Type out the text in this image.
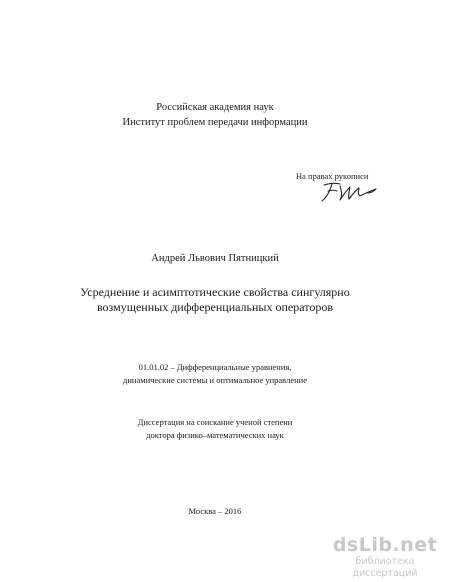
Российская академия наук
Институт проблем передачи информации
На правах рукописи
Андрей Львович Пятницкий
Усреднение и асимптотические свойства сингулярно
возмущенных дифференциальных операторов
01.01.02 – Дифференциальные уравнения,
динамические системы и оптимальное управление
Диссертация на соискание ученой степени
доктора физико–математических наук
Москва – 2016
dsLib.net
библиотека диссертаций
